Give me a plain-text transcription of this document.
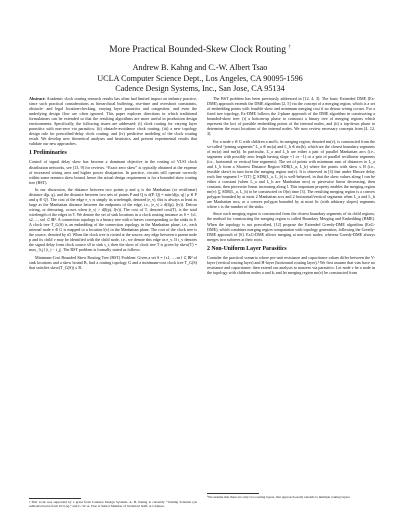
More Practical Bounded-Skew Clock Routing †
Andrew B. Kahng and C.-W. Albert Tsao
UCLA Computer Science Dept., Los Angeles, CA 90095-1596
Cadence Design Systems, Inc., San Jose, CA 95134

Abstract: Academic clock routing research results has often had limited impact on industry practice, since such practical considerations as hierarchical buffering, rise-time and overshoot constraints, obstacle- and legal location-checking, varying layer parasitics and congestion, and even the underlying design flow are often ignored. This paper explores directions in which traditional formulations can be extended so that the resulting algorithms are more useful in production design environments. Specifically, the following issues are addressed: (i) clock routing for varying layer parasitics with non-zero via parasitics; (ii) obstacle-avoidance clock routing; (iii) a new topology design rule for prescribed-delay clock routing; and (iv) predictive modeling of the clock routing result. We develop new theoretical analyses and heuristics, and present experimental results that validate our new approaches.

1 Preliminaries

Control of signal delay skew has become a dominant objective in the routing of VLSI clock distribution networks, see [13, 9] for reviews. “Exact zero skew” is typically obtained at the expense of increased wiring area and higher power dissipation. In practice, circuits still operate correctly within some nonzero skew bound, hence the actual design requirement is for a bounded skew routing tree (BST).

In our discussion, the distance between two points p and q is the Manhattan (or rectilinear) distance d(p, q), and the distance between two sets of points P and Q is d(P, Q) = min{d(p, q) | p ∈ P and q ∈ Q}. The cost of the edge e_v is simply its wirelength, denoted |e_v|; this is always at least as large as the Manhattan distance between the endpoints of the edge, i.e., |e_v| ≥ d(l(p), l(v)). Detour wiring, or detouring, occurs when |e_v| > d(l(p), l(v)). The cost of T, denoted cost(T), is the total wirelength of the edges in T. We denote the set of sink locations in a clock routing instance as S = {s1, s2, ..., sn} ⊂ ℝ². A connection topology is a binary tree with n leaves corresponding to the sinks in S. A clock tree T_G(S) is an embedding of the connection topology in the Manhattan plane, i.e., each internal node v ∈ G is mapped to a location l(v) in the Manhattan plane. The root of the clock tree is the source, denoted by s0. When the clock tree is rooted at the source, any edge between a parent node p and its child v may be identified with the child node, i.e., we denote this edge as e_v. If t_v denotes the signal delay from clock source s0 to sink s_i, then the skew of clock tree T is given by skew(T) = max_{i,j} |t_i − t_j|. The BST problem is formally stated as follows.

Minimum-Cost Bounded Skew Routing Tree (BST) Problem: Given a set S = {s1, ..., sn} ⊂ ℝ² of sink locations and a skew bound B, find a routing topology G and a minimum-cost clock tree T_G(S) that satisfies skew(T_G(S)) ≤ B.

†This work was supported by a grant from Cadence Design Systems. A. B. Kahng is currently “Visiting Scientist (on sabbatical leave from UCLA),” and C.-W. A. Tsao is Senior Member of Technical Staff, at Cadence.

The BST problem has been previously addressed in [12, 4, 3]. The basic Extended DME (Ex-DME) approach extends the DME algorithm [2, 5] via the concept of a merging region, which is a set of embedding points with feasible skew and minimum merging cost if no detour wiring occurs. For a fixed tree topology, Ex-DME follows the 2-phase approach of the DME algorithm in constructing a bounded-skew tree: (i) a bottom-up phase to construct a binary tree of merging regions which represent the loci of possible embedding points of the internal nodes, and (ii) a top-down phase to determine the exact locations of the internal nodes. We now review necessary concepts from [4, 12, 3].

For a node v ∈ G with children a and b, its merging region, denoted mr(v), is constructed from the so-called “joining segments” L_a ∈ mr(a) and L_b ∈ mr(b), which are the closest boundary segments of mr(a) and mr(b). In particular, L_a and L_b are either a pair of parallel Manhattan arcs (i.e., segments with possibly zero length having slope +1 or −1) or a pair of parallel rectilinear segments (i.e., horizontal or vertical line segments). The set of points with minimum sum of distances to L_a and L_b form a Shortest Distance Region SDR(L_a, L_b) where the points with skew ≤ B (i.e., feasible skew) in turn form the merging region mr(v). It is observed in [3] that under Elmore delay each line segment l = T(T) ⊆ SDR(L_a, L_b) is well-behaved, in that the skew values along l can be either a constant (when L_a and L_b are Manhattan arcs) or piecewise linear decreasing, then constant, then piecewise linear increasing along l. This important property enables the merging region mr(v) ⊆ SDR(L_a, L_b) to be constructed in O(n) time [3]. The resulting merging region is a convex polygon bounded by at most 2 Manhattan arcs and 2 horizontal/vertical segments when L_a and L_b are Manhattan arcs, or a convex polygon bounded by at most 6c (with arbitrary slopes) segments where c is the number of the sinks.

Since each merging region is constructed from the closest boundary segments of its child regions, the method for constructing the merging region is called Boundary Merging and Embedding (BME). When the topology is not prescribed, [12] propose the Extended Greedy-DME algorithm (ExG-DME), which combines merging region computation with topology generation, following the Greedy-DME approach of [6]. ExG-DME allows merging at non-root nodes, whereas Greedy-DME always merges two subtrees at their roots.

2 Non-Uniform Layer Parasitics

Consider the practical scenario where per-unit resistance and capacitance values differ between the V-layer (vertical routing layer) and H-layer (horizontal routing layer).¹ We first assume that vias have no resistance and capacitance; then extend our analysis to nonzero via parasitics. Let node v be a node in the topology with children nodes a and b, and let merging region mr(v) be constructed from

¹We assume that there are only two routing layers. Our approach easily extends to multiple routing layers.
